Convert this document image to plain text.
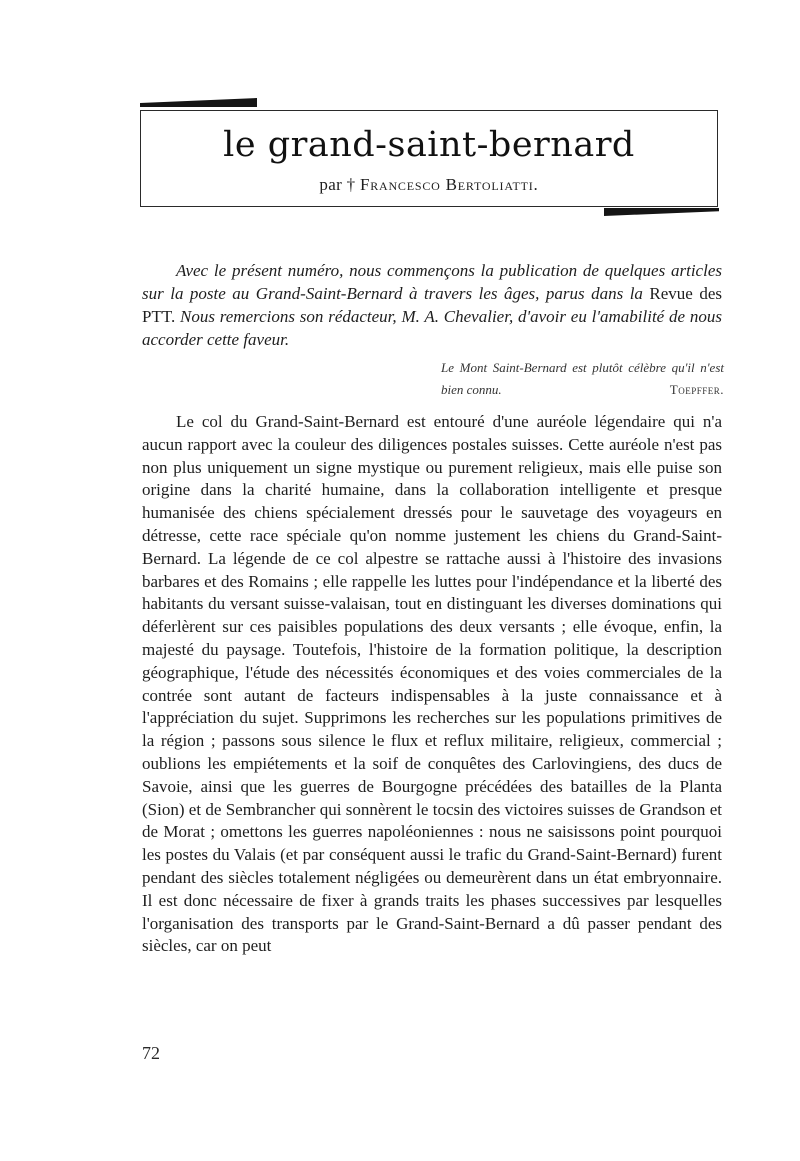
le grand-saint-bernard
par † Francesco Bertoliatti.

Avec le présent numéro, nous commençons la publication de quelques articles sur la poste au Grand-Saint-Bernard à travers les âges, parus dans la Revue des PTT. Nous remercions son rédacteur, M. A. Chevalier, d'avoir eu l'amabilité de nous accorder cette faveur.

Le Mont Saint-Bernard est plutôt célèbre qu'il n'est bien connu.	Toepffer.

Le col du Grand-Saint-Bernard est entouré d'une auréole légendaire qui n'a aucun rapport avec la couleur des diligences postales suisses. Cette auréole n'est pas non plus uniquement un signe mystique ou purement religieux, mais elle puise son origine dans la charité humaine, dans la collaboration intelligente et presque humanisée des chiens spécialement dressés pour le sauvetage des voyageurs en détresse, cette race spéciale qu'on nomme justement les chiens du Grand-Saint-Bernard. La légende de ce col alpestre se rattache aussi à l'histoire des invasions barbares et des Romains ; elle rappelle les luttes pour l'indépendance et la liberté des habitants du versant suisse-valaisan, tout en distinguant les diverses dominations qui déferlèrent sur ces paisibles populations des deux versants ; elle évoque, enfin, la majesté du paysage. Toutefois, l'histoire de la formation politique, la description géographique, l'étude des nécessités économiques et des voies commerciales de la contrée sont autant de facteurs indispensables à la juste connaissance et à l'appréciation du sujet. Supprimons les recherches sur les populations primitives de la région ; passons sous silence le flux et reflux militaire, religieux, commercial ; oublions les empiétements et la soif de conquêtes des Carlovingiens, des ducs de Savoie, ainsi que les guerres de Bourgogne précédées des batailles de la Planta (Sion) et de Sembrancher qui sonnèrent le tocsin des victoires suisses de Grandson et de Morat ; omettons les guerres napoléoniennes : nous ne saisissons point pourquoi les postes du Valais (et par conséquent aussi le trafic du Grand-Saint-Bernard) furent pendant des siècles totalement négligées ou demeurèrent dans un état embryonnaire. Il est donc nécessaire de fixer à grands traits les phases successives par lesquelles l'organisation des transports par le Grand-Saint-Bernard a dû passer pendant des siècles, car on peut

72
